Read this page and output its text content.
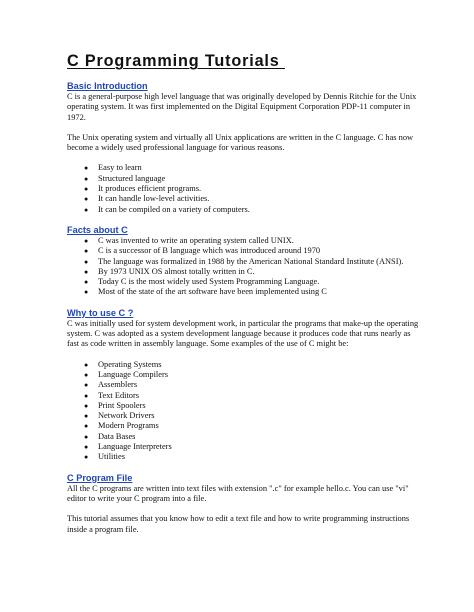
C Programming Tutorials
Basic Introduction

C is a general-purpose high level language that was originally developed by Dennis Ritchie for the Unix operating system. It was first implemented on the Digital Equipment Corporation PDP-11 computer in 1972.

The Unix operating system and virtually all Unix applications are written in the C language. C has now become a widely used professional language for various reasons.

● Easy to learn
● Structured language
● It produces efficient programs.
● It can handle low-level activities.
● It can be compiled on a variety of computers.
Facts about C
● C was invented to write an operating system called UNIX.
● C is a successor of B language which was introduced around 1970
● The language was formalized in 1988 by the American National Standard Institute (ANSI).
● By 1973 UNIX OS almost totally written in C.
● Today C is the most widely used System Programming Language.
● Most of the state of the art software have been implemented using C
Why to use C ?

C was initially used for system development work, in particular the programs that make-up the operating system. C was adopted as a system development language because it produces code that runs nearly as fast as code written in assembly language. Some examples of the use of C might be:

● Operating Systems
● Language Compilers
● Assemblers
● Text Editors
● Print Spoolers
● Network Drivers
● Modern Programs
● Data Bases
● Language Interpreters
● Utilities
C Program File

All the C programs are written into text files with extension ".c" for example hello.c. You can use "vi" editor to write your C program into a file.

This tutorial assumes that you know how to edit a text file and how to write programming instructions inside a program file.
